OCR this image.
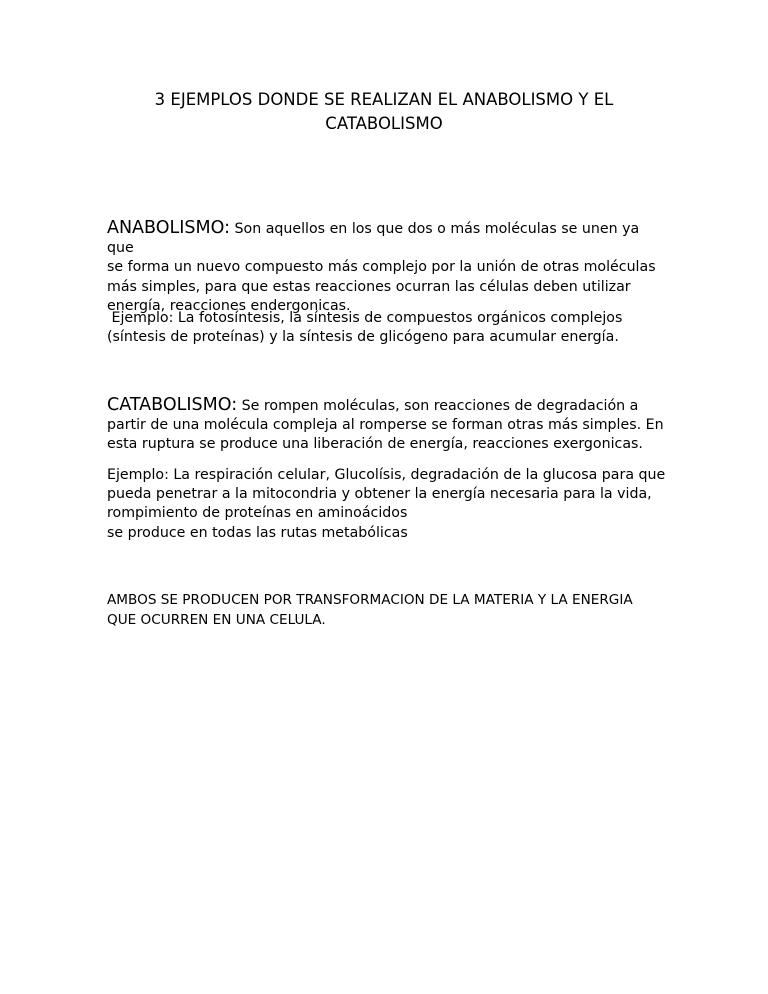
3 EJEMPLOS DONDE SE REALIZAN EL ANABOLISMO Y EL
CATABOLISMO

ANABOLISMO: Son aquellos en los que dos o más moléculas se unen ya que
se forma un nuevo compuesto más complejo por la unión de otras moléculas
más simples, para que estas reacciones ocurran las células deben utilizar
energía, reacciones endergonicas.

Ejemplo: La fotosíntesis, la síntesis de compuestos orgánicos complejos
(síntesis de proteínas) y la síntesis de glicógeno para acumular energía.

CATABOLISMO: Se rompen moléculas, son reacciones de degradación a
partir de una molécula compleja al romperse se forman otras más simples. En
esta ruptura se produce una liberación de energía, reacciones exergonicas.

Ejemplo: La respiración celular, Glucolísis, degradación de la glucosa para que
pueda penetrar a la mitocondria y obtener la energía necesaria para la vida,
rompimiento de proteínas en aminoácidos
se produce en todas las rutas metabólicas

AMBOS SE PRODUCEN POR TRANSFORMACION DE LA MATERIA Y LA ENERGIA
QUE OCURREN EN UNA CELULA.
